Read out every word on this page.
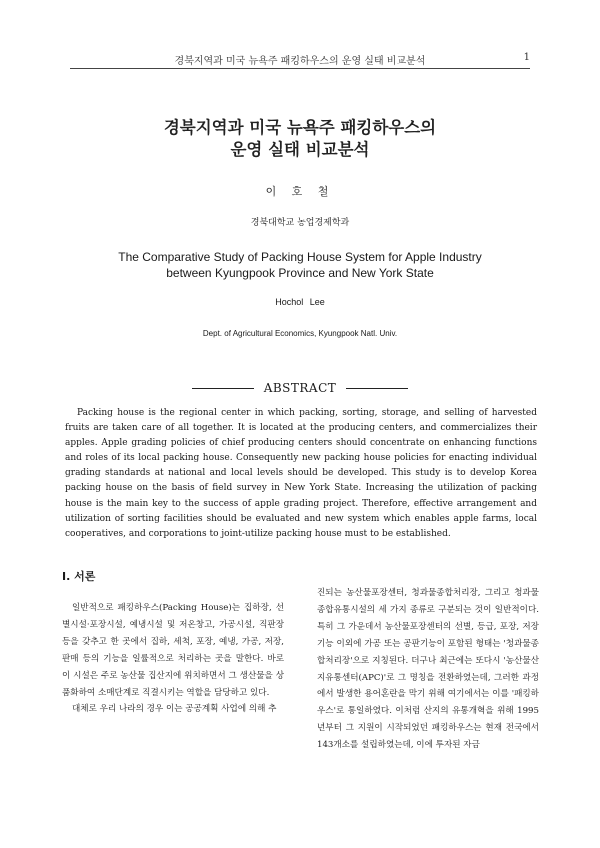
경북지역과 미국 뉴욕주 패킹하우스의 운영 실태 비교분석	1
경북지역과 미국 뉴욕주 패킹하우스의
운영 실태 비교분석
이 호 철
경북대학교 농업경제학과
The Comparative Study of Packing House System for Apple Industry
between Kyungpook Province and New York State
Hochol Lee
Dept. of Agricultural Economics, Kyungpook Natl. Univ.
ABSTRACT
Packing house is the regional center in which packing, sorting, storage, and selling of harvested fruits are taken care of all together. It is located at the producing centers, and commercializes their apples. Apple grading policies of chief producing centers should concentrate on enhancing functions and roles of its local packing house. Consequently new packing house policies for enacting individual grading standards at national and local levels should be developed. This study is to develop Korea packing house on the basis of field survey in New York State. Increasing the utilization of packing house is the main key to the success of apple grading project. Therefore, effective arrangement and utilization of sorting facilities should be evaluated and new system which enables apple farms, local cooperatives, and corporations to joint-utilize packing house must to be established.
Ⅰ. 서론

일반적으로 패킹하우스(Packing House)는 집하장, 선별시설·포장시설, 예냉시설 및 저온창고, 가공시설, 직판장 등을 갖추고 한 곳에서 집하, 세척, 포장, 예냉, 가공, 저장, 판매 등의 기능을 일률적으로 처리하는 곳을 말한다. 바로 이 시설은 주로 농산물 집산지에 위치하면서 그 생산물을 상품화하여 소매단계로 직결시키는 역할을 담당하고 있다.

대체로 우리 나라의 경우 이는 공공계획 사업에 의해 추

진되는 농산물포장센터, 청과물종합처리장, 그리고 청과물종합유통시설의 세 가지 종류로 구분되는 것이 일반적이다. 특히 그 가운데서 농산물포장센터의 선별, 등급, 포장, 저장 기능 이외에 가공 또는 공판기능이 포함된 형태는 '청과물종합처리장'으로 지칭된다. 더구나 최근에는 또다시 '농산물산지유통센터(APC)'로 그 명칭을 전환하였는데, 그러한 과정에서 발생한 용어혼란을 막기 위해 여기에서는 이를 '패킹하우스'로 통일하였다. 이처럼 산지의 유통개혁을 위해 1995년부터 그 지원이 시작되었던 패킹하우스는 현재 전국에서 143개소를 설립하였는데, 이에 투자된 자금
